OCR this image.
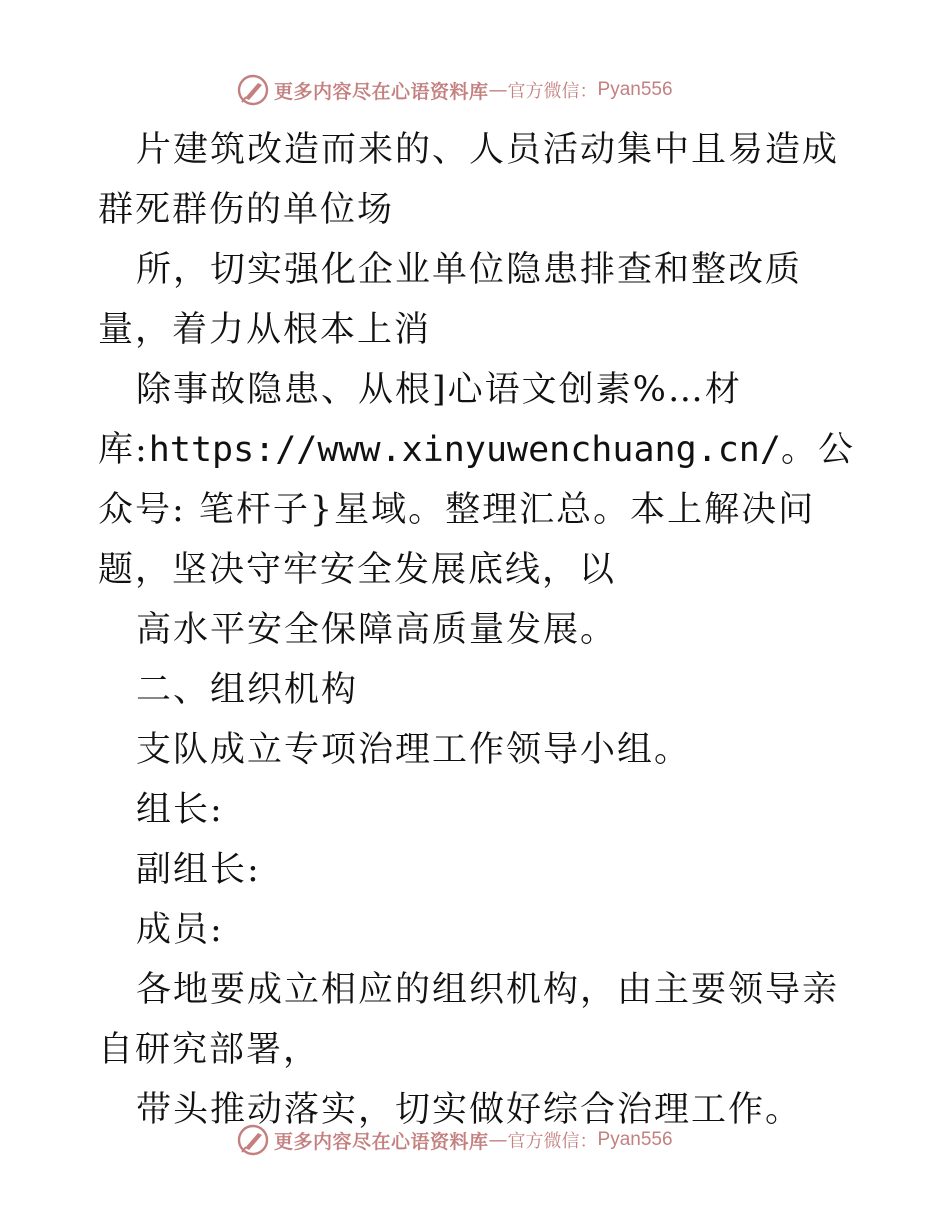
更多内容尽在心语资料库 — 官方微信： Pyan556

片建筑改造而来的、人员活动集中且易造成群死群伤的单位场

所，切实强化企业单位隐患排查和整改质量，着力从根本上消

除事故隐患、从根]心语文创素%…材库:https://www.xinyuwenchuang.cn/。公众号: 笔杆子}星域。整理汇总。本上解决问题，坚决守牢安全发展底线，以

高水平安全保障高质量发展。

二、组织机构

支队成立专项治理工作领导小组。

组长:

副组长:

成员:

各地要成立相应的组织机构，由主要领导亲自研究部署，

带头推动落实，切实做好综合治理工作。

更多内容尽在心语资料库 — 官方微信： Pyan556
